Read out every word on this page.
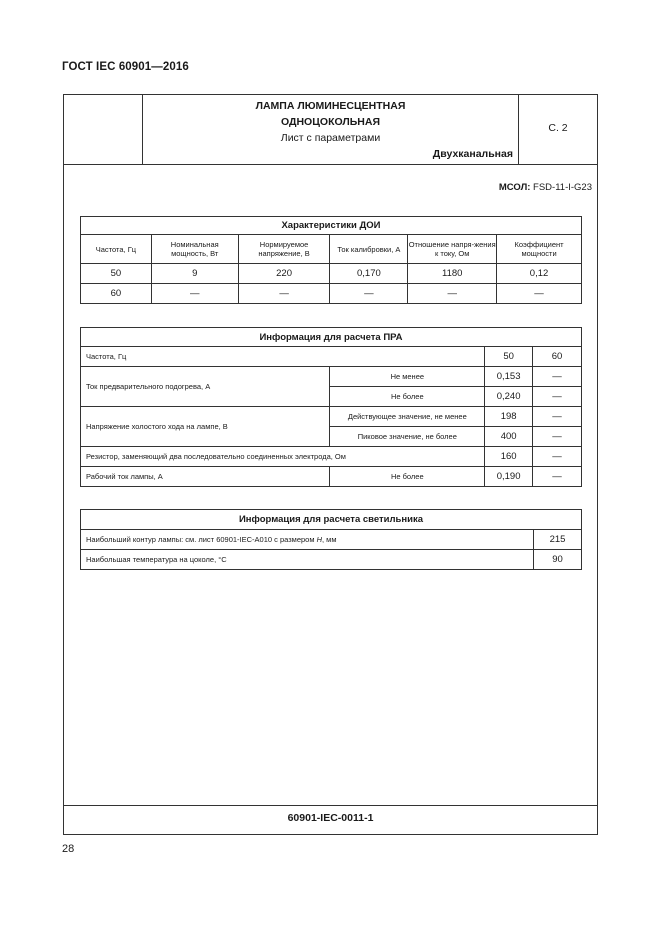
ГОСТ IEC 60901—2016
ЛАМПА ЛЮМИНЕСЦЕНТНАЯ
ОДНОЦОКОЛЬНАЯ
Лист с параметрами
Двухканальная
С. 2
МСОЛ: FSD-11-I-G23
Характеристики ДОИ					
Частота, Гц	Номинальная мощность, Вт	Нормируемое напряжение, В	Ток калибровки, А	Отношение напря-жения к току, Ом	Коэффициент мощности
50	9	220	0,170	1180	0,12
60	—	—	—	—	—
Информация для расчета ПРА			
Частота, Гц		50	60
Ток предварительного подогрева, А	Не менее	0,153	—
	Не более	0,240	—
Напряжение холостого хода на лампе, В	Действующее значение, не менее	198	—
	Пиковое значение, не более	400	—
Резистор, заменяющий два последовательно соединенных электрода, Ом		160	—
Рабочий ток лампы, А	Не более	0,190	—
Информация для расчета светильника	
Наибольший контур лампы: см. лист 60901-IEC-A010 с размером H, мм	215
Наибольшая температура на цоколе, °С	90
60901-IEC-0011-1
28
